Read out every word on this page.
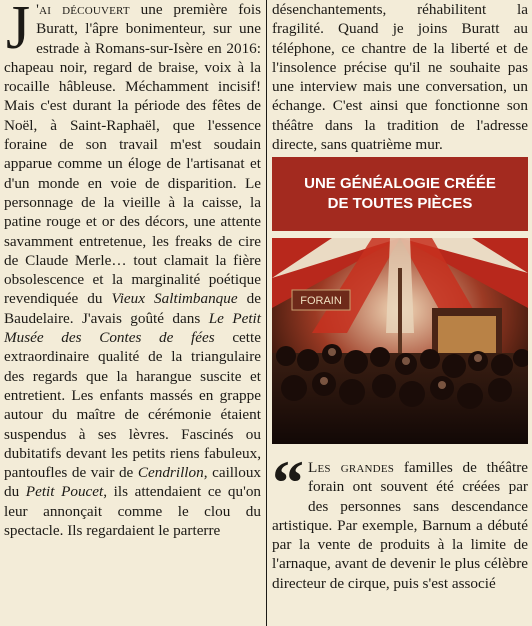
J 'ai découvert une première fois Buratt, l'âpre bonimenteur, sur une estrade à Romans-sur-Isère en 2016: chapeau noir, regard de braise, voix à la rocaille hâbleuse. Méchamment incisif! Mais c'est durant la période des fêtes de Noël, à Saint-Raphaël, que l'essence foraine de son travail m'est soudain apparue comme un éloge de l'artisanat et d'un monde en voie de disparition. Le personnage de la vieille à la caisse, la patine rouge et or des décors, une attente savamment entretenue, les freaks de cire de Claude Merle… tout clamait la fière obsolescence et la marginalité poétique revendiquée du Vieux Saltimbanque de Baudelaire. J'avais goûté dans Le Petit Musée des Contes de fées cette extraordinaire qualité de la triangulaire des regards que la harangue suscite et entretient. Les enfants massés en grappe autour du maître de cérémonie étaient suspendus à ses lèvres. Fascinés ou dubitatifs devant les petits riens fabuleux, pantoufles de vair de Cendrillon, cailloux du Petit Poucet, ils attendaient ce qu'on leur annonçait comme le clou du spectacle. Ils regardaient le parterre

désenchantements, réhabilitent la fragilité. Quand je joins Buratt au téléphone, ce chantre de la liberté et de l'insolence précise qu'il ne souhaite pas une interview mais une conversation, un échange. C'est ainsi que fonctionne son théâtre dans la tradition de l'adresse directe, sans quatrième mur.

UNE GÉNÉALOGIE CRÉÉE
DE TOUTES PIÈCES
FORAIN
“ Les grandes familles de théâtre forain ont souvent été créées par des personnes sans descendance artistique. Par exemple, Barnum a débuté par la vente de produits à la limite de l'arnaque, avant de devenir le plus célèbre directeur de cirque, puis s'est associé
